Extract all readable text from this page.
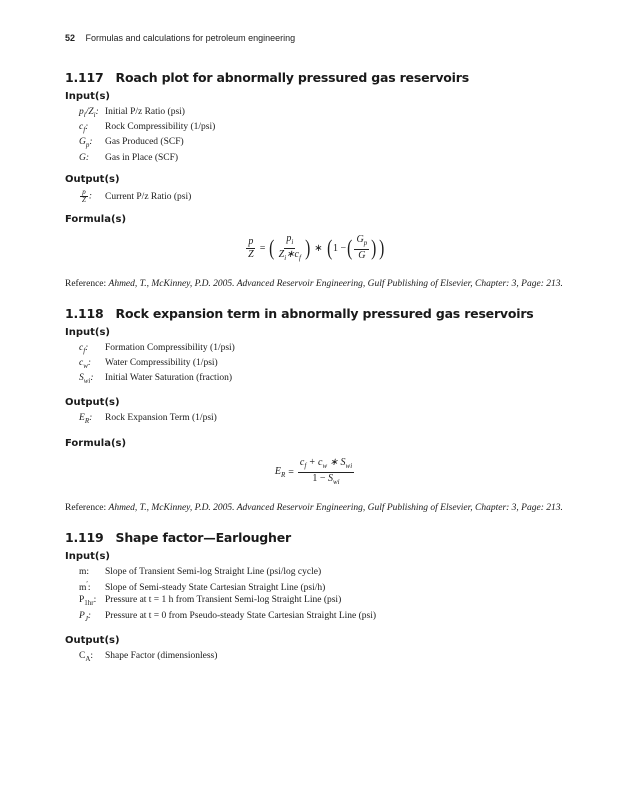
52 Formulas and calculations for petroleum engineering
1.117 Roach plot for abnormally pressured gas reservoirs
Input(s)
$p_i/Z_i$: Initial P/z Ratio (psi)
$c_f$: Rock Compressibility (1/psi)
$G_p$: Gas Produced (SCF)
G: Gas in Place (SCF)
Output(s)
$\frac{p}{Z}$ : Current P/z Ratio (psi)
Formula(s)
$\frac{p}{Z}$ = ( $\frac{p_i}{Z_i∗c_f}$ ) ∗ ( 1 − ( $\frac{G_p}{G}$ ) )
Reference: Ahmed, T., McKinney, P.D. 2005. Advanced Reservoir Engineering, Gulf Publishing of Elsevier, Chapter: 3, Page: 213.
1.118 Rock expansion term in abnormally pressured gas reservoirs
Input(s)
$c_f$: Formation Compressibility (1/psi)
$c_w$: Water Compressibility (1/psi)
$S_{wi}$: Initial Water Saturation (fraction)
Output(s)
$E_R$: Rock Expansion Term (1/psi)
Formula(s)
$E_R = \frac{c_f + c_w ∗ S_{wi}}{1 - S_{wi}}$
Reference: Ahmed, T., McKinney, P.D. 2005. Advanced Reservoir Engineering, Gulf Publishing of Elsevier, Chapter: 3, Page: 213.
1.119 Shape factor—Earlougher
Input(s)
m: Slope of Transient Semi-log Straight Line (psi/log cycle)
m′: Slope of Semi-steady State Cartesian Straight Line (psi/h)
$P_{1hr}$: Pressure at t = 1 h from Transient Semi-log Straight Line (psi)
$P_J$: Pressure at t = 0 from Pseudo-steady State Cartesian Straight Line (psi)
Output(s)
$C_A$: Shape Factor (dimensionless)
